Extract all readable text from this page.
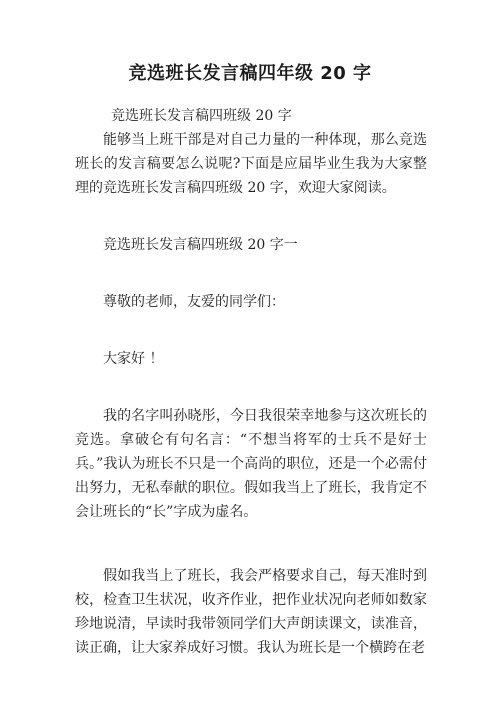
竞选班长发言稿四年级 20 字

竞选班长发言稿四班级 20 字

能够当上班干部是对自己力量的一种体现，那么竞选班长的发言稿要怎么说呢?下面是应届毕业生我为大家整理的竞选班长发言稿四班级 20 字，欢迎大家阅读。

竞选班长发言稿四班级 20 字一

尊敬的老师，友爱的同学们：

大家好 ！

我的名字叫孙晓彤，今日我很荣幸地参与这次班长的竞选。拿破仑有句名言：“不想当将军的士兵不是好士兵。”我认为班长不只是一个高尚的职位，还是一个必需付出努力，无私奉献的职位。假如我当上了班长，我肯定不会让班长的“长”字成为虚名。

假如我当上了班长，我会严格要求自己，每天准时到校，检查卫生状况，收齐作业，把作业状况向老师如数家珍地说清，早读时我带领同学们大声朗读课文，读准音，读正确，让大家养成好习惯。我认为班长是一个横跨在老
